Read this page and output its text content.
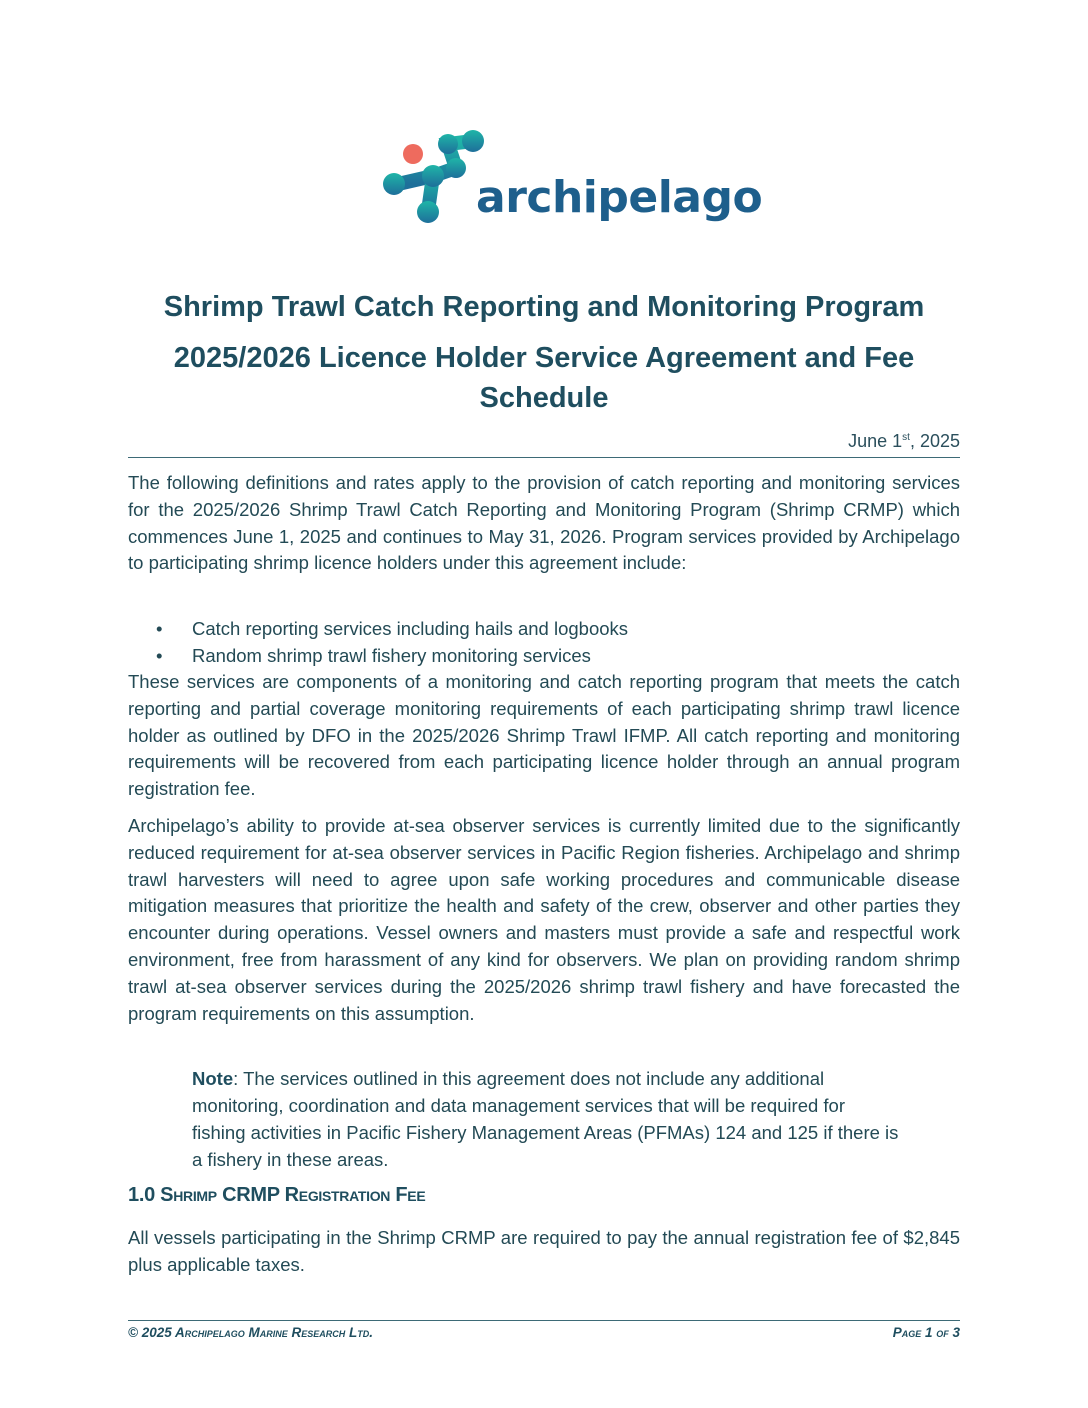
archipelago
Shrimp Trawl Catch Reporting and Monitoring Program
2025/2026 Licence Holder Service Agreement and Fee
Schedule
June 1st, 2025

The following definitions and rates apply to the provision of catch reporting and monitoring services for the 2025/2026 Shrimp Trawl Catch Reporting and Monitoring Program (Shrimp CRMP) which commences June 1, 2025 and continues to May 31, 2026. Program services provided by Archipelago to participating shrimp licence holders under this agreement include:

• Catch reporting services including hails and logbooks
• Random shrimp trawl fishery monitoring services

These services are components of a monitoring and catch reporting program that meets the catch reporting and partial coverage monitoring requirements of each participating shrimp trawl licence holder as outlined by DFO in the 2025/2026 Shrimp Trawl IFMP. All catch reporting and monitoring requirements will be recovered from each participating licence holder through an annual program registration fee.

Archipelago’s ability to provide at-sea observer services is currently limited due to the significantly reduced requirement for at-sea observer services in Pacific Region fisheries. Archipelago and shrimp trawl harvesters will need to agree upon safe working procedures and communicable disease mitigation measures that prioritize the health and safety of the crew, observer and other parties they encounter during operations. Vessel owners and masters must provide a safe and respectful work environment, free from harassment of any kind for observers. We plan on providing random shrimp trawl at-sea observer services during the 2025/2026 shrimp trawl fishery and have forecasted the program requirements on this assumption.

Note: The services outlined in this agreement does not include any additional monitoring, coordination and data management services that will be required for fishing activities in Pacific Fishery Management Areas (PFMAs) 124 and 125 if there is a fishery in these areas.

1.0 Shrimp CRMP Registration Fee

All vessels participating in the Shrimp CRMP are required to pay the annual registration fee of $2,845 plus applicable taxes.

© 2025 Archipelago Marine Research Ltd.	Page 1 of 3
